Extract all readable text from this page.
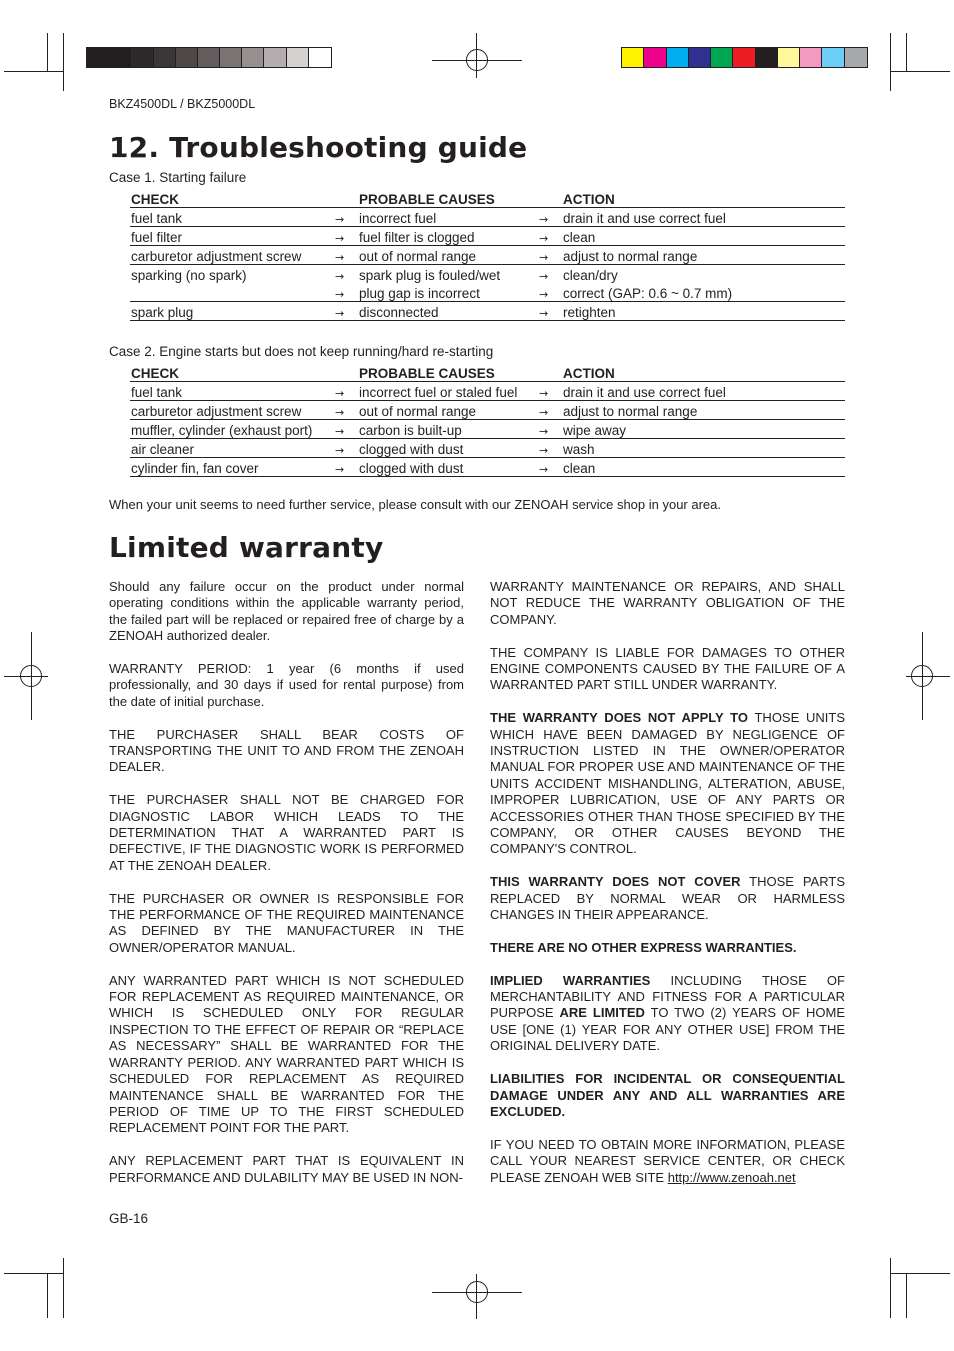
BKZ4500DL / BKZ5000DL
12. Troubleshooting guide
Case 1. Starting failure
CHECK	PROBABLE CAUSES	ACTION
fuel tank	→ incorrect fuel	→ drain it and use correct fuel
fuel filter	→ fuel filter is clogged	→ clean
carburetor adjustment screw	→ out of normal range	→ adjust to normal range
sparking (no spark)	→ spark plug is fouled/wet	→ clean/dry
	→ plug gap is incorrect	→ correct (GAP: 0.6 ~ 0.7 mm)
spark plug	→ disconnected	→ retighten
Case 2. Engine starts but does not keep running/hard re-starting
CHECK	PROBABLE CAUSES	ACTION
fuel tank	→ incorrect fuel or staled fuel	→ drain it and use correct fuel
carburetor adjustment screw	→ out of normal range	→ adjust to normal range
muffler, cylinder (exhaust port)	→ carbon is built-up	→ wipe away
air cleaner	→ clogged with dust	→ wash
cylinder fin, fan cover	→ clogged with dust	→ clean
When your unit seems to need further service, please consult with our ZENOAH service shop in your area.
Limited warranty

Should any failure occur on the product under normal operating conditions within the applicable warranty period, the failed part will be replaced or repaired free of charge by a ZENOAH authorized dealer.

WARRANTY PERIOD: 1 year (6 months if used professionally, and 30 days if used for rental purpose) from the date of initial purchase.

THE PURCHASER SHALL BEAR COSTS OF TRANSPORTING THE UNIT TO AND FROM THE ZENOAH DEALER.

THE PURCHASER SHALL NOT BE CHARGED FOR DIAGNOSTIC LABOR WHICH LEADS TO THE DETERMINATION THAT A WARRANTED PART IS DEFECTIVE, IF THE DIAGNOSTIC WORK IS PERFORMED AT THE ZENOAH DEALER.

THE PURCHASER OR OWNER IS RESPONSIBLE FOR THE PERFORMANCE OF THE REQUIRED MAINTENANCE AS DEFINED BY THE MANUFACTURER IN THE OWNER/OPERATOR MANUAL.

ANY WARRANTED PART WHICH IS NOT SCHEDULED FOR REPLACEMENT AS REQUIRED MAINTENANCE, OR WHICH IS SCHEDULED ONLY FOR REGULAR INSPECTION TO THE EFFECT OF REPAIR OR “REPLACE AS NECESSARY” SHALL BE WARRANTED FOR THE WARRANTY PERIOD. ANY WARRANTED PART WHICH IS SCHEDULED FOR REPLACEMENT AS REQUIRED MAINTENANCE SHALL BE WARRANTED FOR THE PERIOD OF TIME UP TO THE FIRST SCHEDULED REPLACEMENT POINT FOR THE PART.

ANY REPLACEMENT PART THAT IS EQUIVALENT IN PERFORMANCE AND DULABILITY MAY BE USED IN NON-

WARRANTY MAINTENANCE OR REPAIRS, AND SHALL NOT REDUCE THE WARRANTY OBLIGATION OF THE COMPANY.

THE COMPANY IS LIABLE FOR DAMAGES TO OTHER ENGINE COMPONENTS CAUSED BY THE FAILURE OF A WARRANTED PART STILL UNDER WARRANTY.

THE WARRANTY DOES NOT APPLY TO THOSE UNITS WHICH HAVE BEEN DAMAGED BY NEGLIGENCE OF INSTRUCTION LISTED IN THE OWNER/OPERATOR MANUAL FOR PROPER USE AND MAINTENANCE OF THE UNITS ACCIDENT MISHANDLING, ALTERATION, ABUSE, IMPROPER LUBRICATION, USE OF ANY PARTS OR ACCESSORIES OTHER THAN THOSE SPECIFIED BY THE COMPANY, OR OTHER CAUSES BEYOND THE COMPANY'S CONTROL.

THIS WARRANTY DOES NOT COVER THOSE PARTS REPLACED BY NORMAL WEAR OR HARMLESS CHANGES IN THEIR APPEARANCE.

THERE ARE NO OTHER EXPRESS WARRANTIES.

IMPLIED WARRANTIES INCLUDING THOSE OF MERCHANTABILITY AND FITNESS FOR A PARTICULAR PURPOSE ARE LIMITED TO TWO (2) YEARS OF HOME USE [ONE (1) YEAR FOR ANY OTHER USE] FROM THE ORIGINAL DELIVERY DATE.

LIABILITIES FOR INCIDENTAL OR CONSEQUENTIAL DAMAGE UNDER ANY AND ALL WARRANTIES ARE EXCLUDED.

IF YOU NEED TO OBTAIN MORE INFORMATION, PLEASE CALL YOUR NEAREST SERVICE CENTER, OR CHECK PLEASE ZENOAH WEB SITE http://www.zenoah.net

GB-16
